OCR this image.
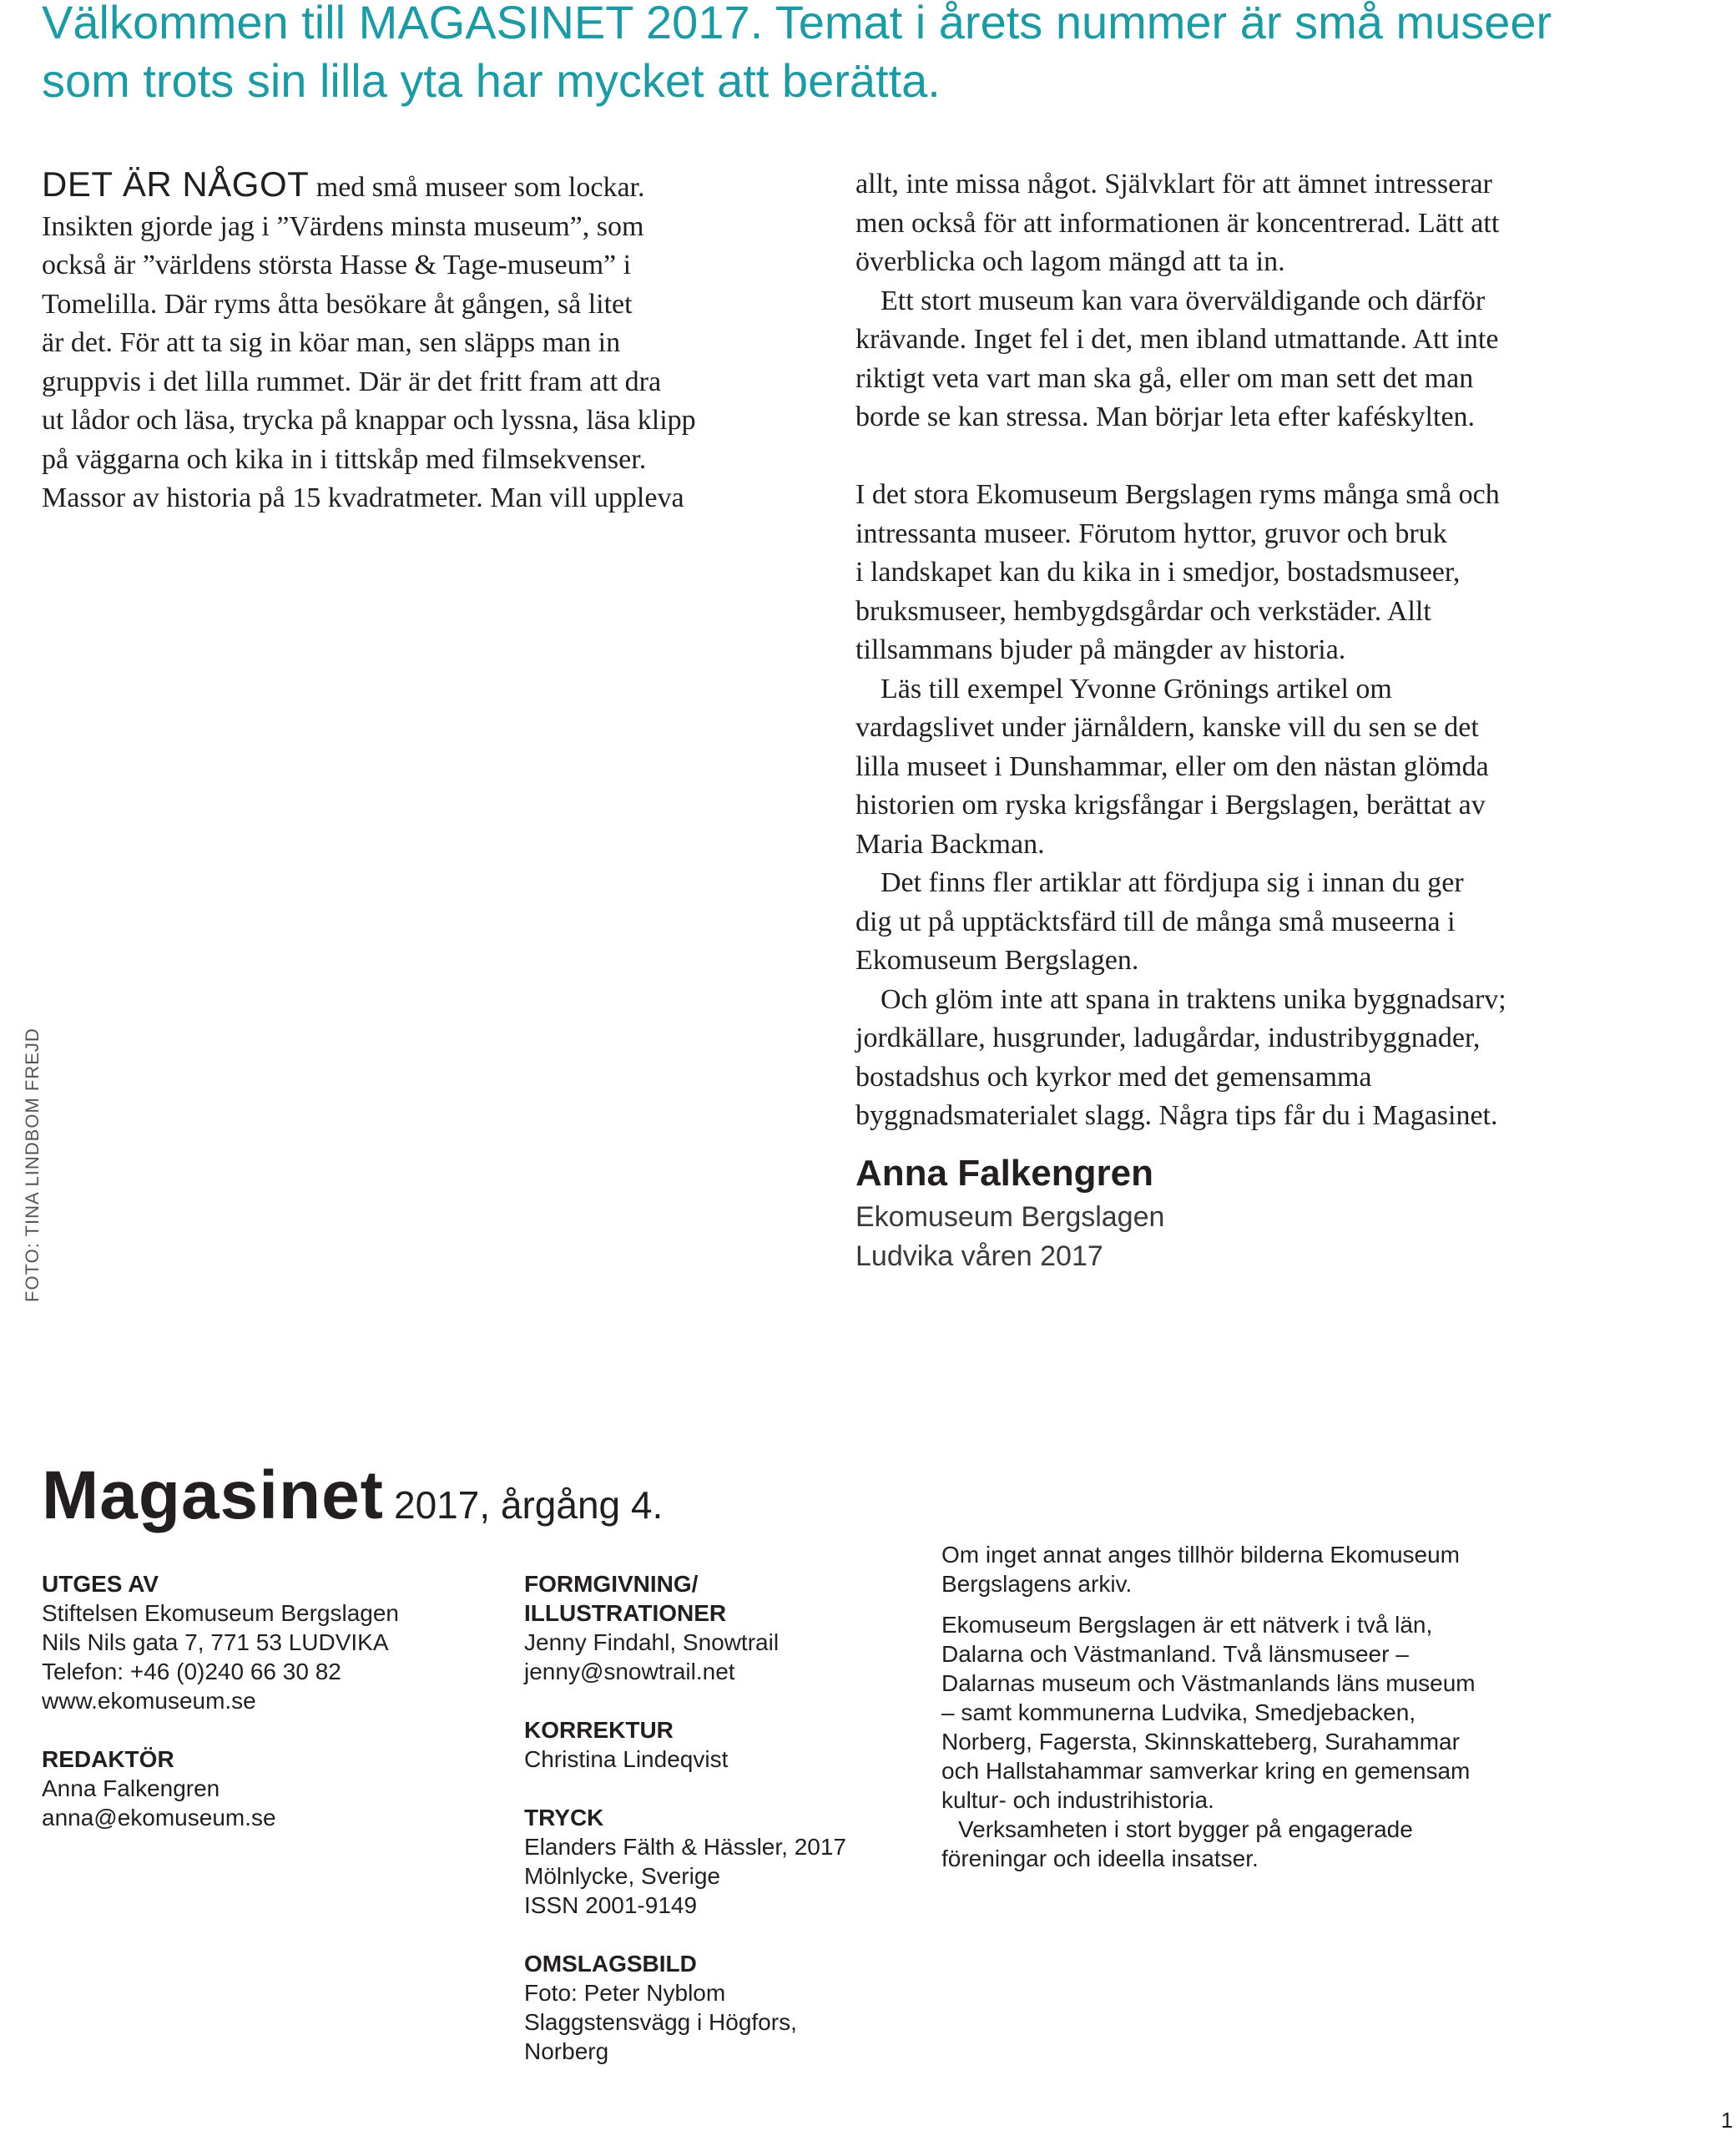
Välkommen till MAGASINET 2017. Temat i årets nummer är små museer
som trots sin lilla yta har mycket att berätta.
DET ÄR NÅGOT med små museer som lockar.
Insikten gjorde jag i ”Värdens minsta museum”, som
också är ”världens största Hasse & Tage-museum” i
Tomelilla. Där ryms åtta besökare åt gången, så litet
är det. För att ta sig in köar man, sen släpps man in
gruppvis i det lilla rummet. Där är det fritt fram att dra
ut lådor och läsa, trycka på knappar och lyssna, läsa klipp
på väggarna och kika in i tittskåp med filmsekvenser.
Massor av historia på 15 kvadratmeter. Man vill uppleva

allt, inte missa något. Självklart för att ämnet intresserar
men också för att informationen är koncentrerad. Lätt att
överblicka och lagom mängd att ta in.

Ett stort museum kan vara överväldigande och därför
krävande. Inget fel i det, men ibland utmattande. Att inte
riktigt veta vart man ska gå, eller om man sett det man
borde se kan stressa. Man börjar leta efter kaféskylten.

I det stora Ekomuseum Bergslagen ryms många små och
intressanta museer. Förutom hyttor, gruvor och bruk
i landskapet kan du kika in i smedjor, bostadsmuseer,
bruksmuseer, hembygdsgårdar och verkstäder. Allt
tillsammans bjuder på mängder av historia.

Läs till exempel Yvonne Grönings artikel om
vardagslivet under järnåldern, kanske vill du sen se det
lilla museet i Dunshammar, eller om den nästan glömda
historien om ryska krigsfångar i Bergslagen, berättat av
Maria Backman.

Det finns fler artiklar att fördjupa sig i innan du ger
dig ut på upptäcktsfärd till de många små museerna i
Ekomuseum Bergslagen.

Och glöm inte att spana in traktens unika byggnadsarv;
jordkällare, husgrunder, ladugårdar, industribyggnader,
bostadshus och kyrkor med det gemensamma
byggnadsmaterialet slagg. Några tips får du i Magasinet.

Anna Falkengren
Ekomuseum Bergslagen
Ludvika våren 2017
FOTO: TINA LINDBOM FREJD
Magasinet 2017, årgång 4.
UTGES AV
Stiftelsen Ekomuseum Bergslagen
Nils Nils gata 7, 771 53 LUDVIKA
Telefon: +46 (0)240 66 30 82
www.ekomuseum.se
REDAKTÖR
Anna Falkengren
anna@ekomuseum.se
FORMGIVNING/
ILLUSTRATIONER
Jenny Findahl, Snowtrail
jenny@snowtrail.net
KORREKTUR
Christina Lindeqvist
TRYCK
Elanders Fälth & Hässler, 2017
Mölnlycke, Sverige
ISSN 2001-9149
OMSLAGSBILD
Foto: Peter Nyblom
Slaggstensvägg i Högfors,
Norberg
Om inget annat anges tillhör bilderna Ekomuseum
Bergslagens arkiv.
Ekomuseum Bergslagen är ett nätverk i två län,
Dalarna och Västmanland. Två länsmuseer –
Dalarnas museum och Västmanlands läns museum
– samt kommunerna Ludvika, Smedjebacken,
Norberg, Fagersta, Skinnskatteberg, Surahammar
och Hallstahammar samverkar kring en gemensam
kultur- och industrihistoria.
Verksamheten i stort bygger på engagerade
föreningar och ideella insatser.
1
